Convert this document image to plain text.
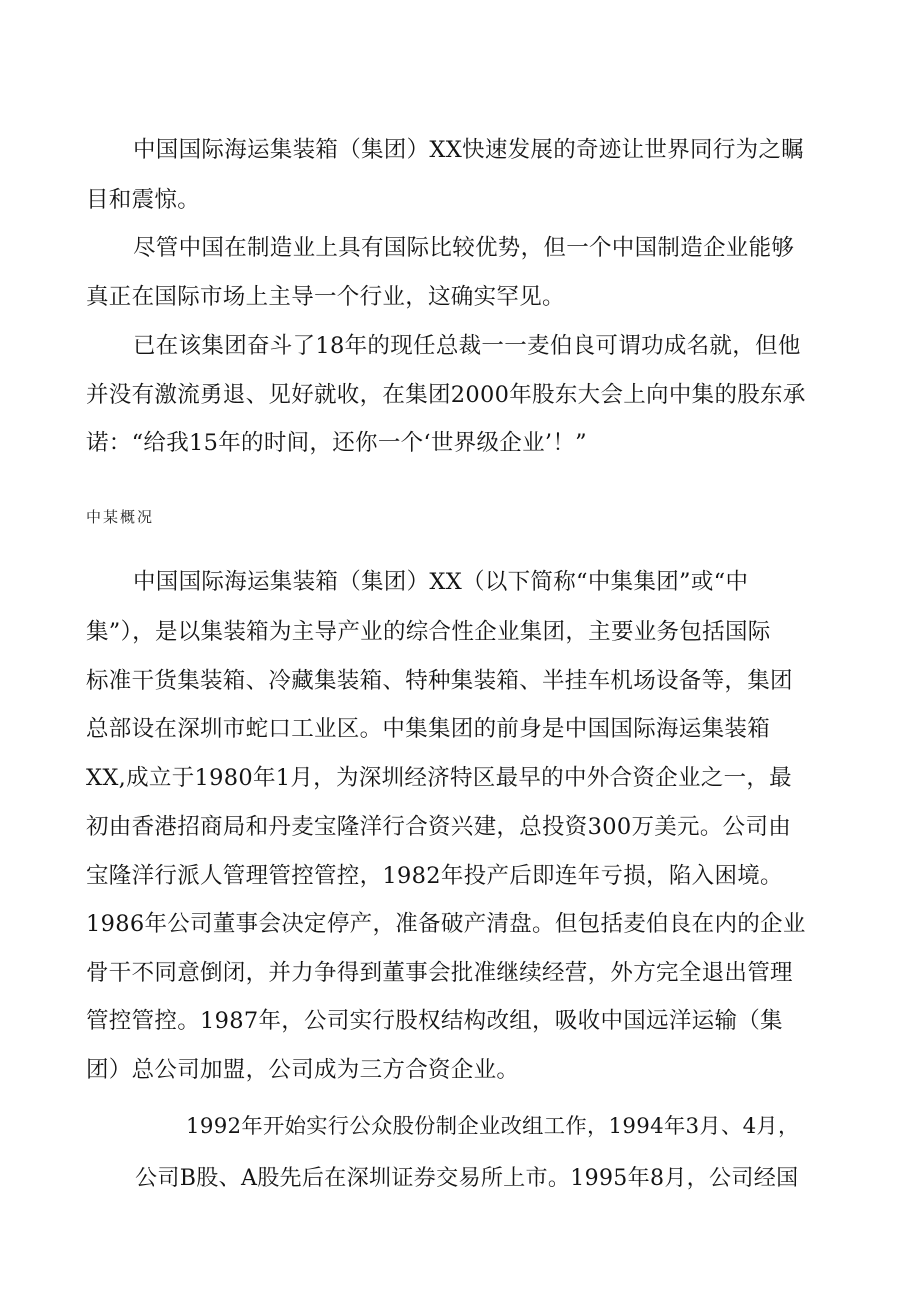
中国国际海运集装箱（集团）XX快速发展的奇迹让世界同行为之瞩
目和震惊。
尽管中国在制造业上具有国际比较优势，但一个中国制造企业能够
真正在国际市场上主导一个行业，这确实罕见。
已在该集团奋斗了18年的现任总裁一一麦伯良可谓功成名就，但他
并没有激流勇退、见好就收，在集团2000年股东大会上向中集的股东承
诺：“给我15年的时间，还你一个‘世界级企业’！”
中某概况
中国国际海运集装箱（集团）XX（以下简称“中集集团”或“中
集”），是以集装箱为主导产业的综合性企业集团，主要业务包括国际
标准干货集装箱、冷藏集装箱、特种集装箱、半挂车机场设备等，集团
总部设在深圳市蛇口工业区。中集集团的前身是中国国际海运集装箱
XX,成立于1980年1月，为深圳经济特区最早的中外合资企业之一，最
初由香港招商局和丹麦宝隆洋行合资兴建，总投资300万美元。公司由
宝隆洋行派人管理管控管控，1982年投产后即连年亏损，陷入困境。
1986年公司董事会决定停产，准备破产清盘。但包括麦伯良在内的企业
骨干不同意倒闭，并力争得到董事会批准继续经营，外方完全退出管理
管控管控。1987年，公司实行股权结构改组，吸收中国远洋运输（集
团）总公司加盟，公司成为三方合资企业。
1992年开始实行公众股份制企业改组工作，1994年3月、4月，
公司B股、A股先后在深圳证券交易所上市。1995年8月，公司经国
